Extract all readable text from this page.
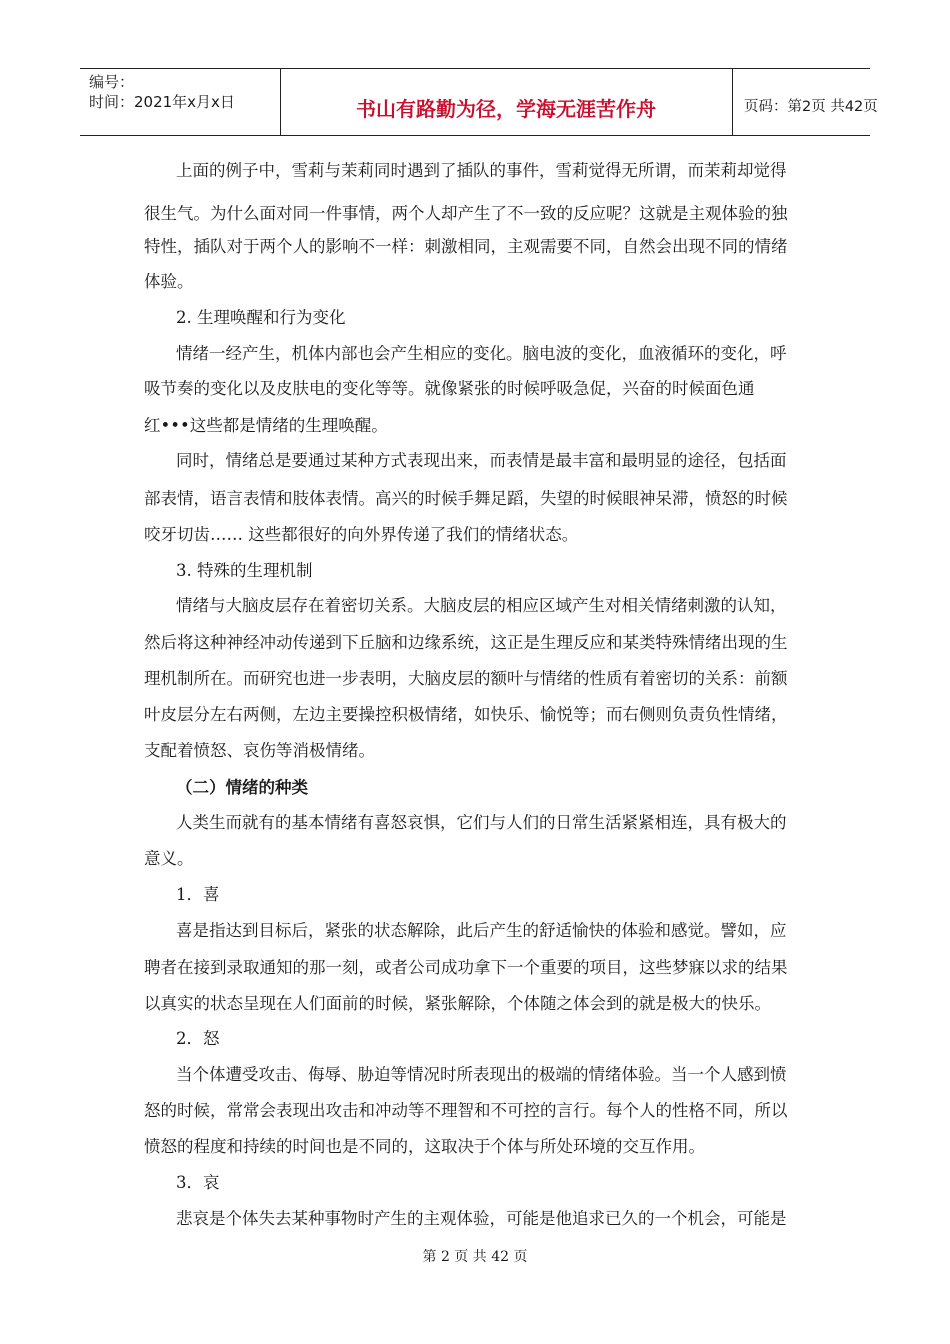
编号：
时间：2021年x月x日	书山有路勤为径，学海无涯苦作舟	页码：第2页 共42页
上面的例子中，雪莉与茉莉同时遇到了插队的事件，雪莉觉得无所谓，而茉莉却觉得
很生气。为什么面对同一件事情，两个人却产生了不一致的反应呢？这就是主观体验的独
特性，插队对于两个人的影响不一样：刺激相同，主观需要不同，自然会出现不同的情绪
体验。
2. 生理唤醒和行为变化
情绪一经产生，机体内部也会产生相应的变化。脑电波的变化，血液循环的变化，呼
吸节奏的变化以及皮肤电的变化等等。就像紧张的时候呼吸急促，兴奋的时候面色通
红•••这些都是情绪的生理唤醒。
同时，情绪总是要通过某种方式表现出来，而表情是最丰富和最明显的途径，包括面
部表情，语言表情和肢体表情。高兴的时候手舞足蹈，失望的时候眼神呆滞，愤怒的时候
咬牙切齿…… 这些都很好的向外界传递了我们的情绪状态。
3. 特殊的生理机制
情绪与大脑皮层存在着密切关系。大脑皮层的相应区域产生对相关情绪刺激的认知，
然后将这种神经冲动传递到下丘脑和边缘系统，这正是生理反应和某类特殊情绪出现的生
理机制所在。而研究也进一步表明，大脑皮层的额叶与情绪的性质有着密切的关系：前额
叶皮层分左右两侧，左边主要操控积极情绪，如快乐、愉悦等；而右侧则负责负性情绪，
支配着愤怒、哀伤等消极情绪。
（二）情绪的种类
人类生而就有的基本情绪有喜怒哀惧，它们与人们的日常生活紧紧相连，具有极大的
意义。
1．喜
喜是指达到目标后，紧张的状态解除，此后产生的舒适愉快的体验和感觉。譬如，应
聘者在接到录取通知的那一刻，或者公司成功拿下一个重要的项目，这些梦寐以求的结果
以真实的状态呈现在人们面前的时候，紧张解除，个体随之体会到的就是极大的快乐。
2．怒
当个体遭受攻击、侮辱、胁迫等情况时所表现出的极端的情绪体验。当一个人感到愤
怒的时候，常常会表现出攻击和冲动等不理智和不可控的言行。每个人的性格不同，所以
愤怒的程度和持续的时间也是不同的，这取决于个体与所处环境的交互作用。
3．哀
悲哀是个体失去某种事物时产生的主观体验，可能是他追求已久的一个机会，可能是
第 2 页 共 42 页
